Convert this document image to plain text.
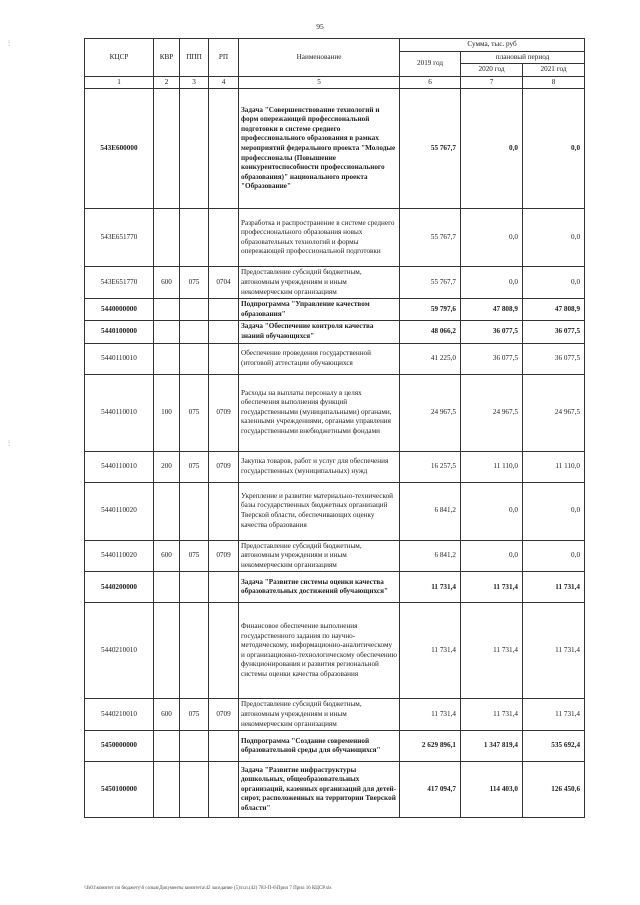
95
⋮
⋮
КЦСР	КВР	ППП	РП	Наименование	Сумма, тыс. руб		
					2019 год	плановый период	
						2020 год	2021 год
1	2	3	4	5	6	7	8
543E600000				Задача "Совершенствование технологий и форм опережающей профессиональной подготовки в системе среднего профессионального образования в рамках мероприятий федерального проекта "Молодые профессионалы (Повышение конкурентоспособности профессионального образования)" национального проекта "Образование"	55 767,7	0,0	0,0
543E651770				Разработка и распространение в системе среднего профессионального образования новых образовательных технологий и формы опережающей профессиональной подготовки	55 767,7	0,0	0,0
543E651770	600	075	0704	Предоставление субсидий бюджетным, автономным учреждениям и иным некоммерческим организациям	55 767,7	0,0	0,0
5440000000				Подпрограмма "Управление качеством образования"	59 797,6	47 808,9	47 808,9
5440100000				Задача "Обеспечение контроля качества знаний обучающихся"	48 066,2	36 077,5	36 077,5
5440110010				Обеспечение проведения государственной (итоговой) аттестации обучающихся	41 225,0	36 077,5	36 077,5
5440110010	100	075	0709	Расходы на выплаты персоналу в целях обеспечения выполнения функций государственными (муниципальными) органами, казенными учреждениями, органами управления государственными внебюджетными фондами	24 967,5	24 967,5	24 967,5
5440110010	200	075	0709	Закупка товаров, работ и услуг для обеспечения государственных (муниципальных) нужд	16 257,5	11 110,0	11 110,0
5440110020				Укрепление и развитие материально-технической базы государственных бюджетных организаций Тверской области, обеспечивающих оценку качества образования	6 841,2	0,0	0,0
5440110020	600	075	0709	Предоставление субсидий бюджетным, автономным учреждениям и иным некоммерческим организациям	6 841,2	0,0	0,0
5440200000				Задача "Развитие системы оценки качества образовательных достижений обучающихся"	11 731,4	11 731,4	11 731,4
5440210010				Финансовое обеспечение выполнения государственного задания по научно-методическому, информационно-аналитическому и организационно-технологическому обеспечению функционирования и развития региональной системы оценки качества образования	11 731,4	11 731,4	11 731,4
5440210010	600	075	0709	Предоставление субсидий бюджетным, автономным учреждениям и иным некоммерческим организациям	11 731,4	11 731,4	11 731,4
5450000000				Подпрограмма "Создание современной образовательной среды для обучающихся"	2 629 896,1	1 347 819,4	535 692,4
5450100000				Задача "Развитие инфраструктуры дошкольных, общеобразовательных организаций, казенных организаций для детей-сирот, расположенных на территории Тверской области"	417 094,7	114 403,0	126 450,6
\\fs01\комитет по бюджету\6 созыв\Документы комитета\42 заседание (5)\п.п.(42) 783-П-6\Прил 7 Прил 16 КЦСР.xls
